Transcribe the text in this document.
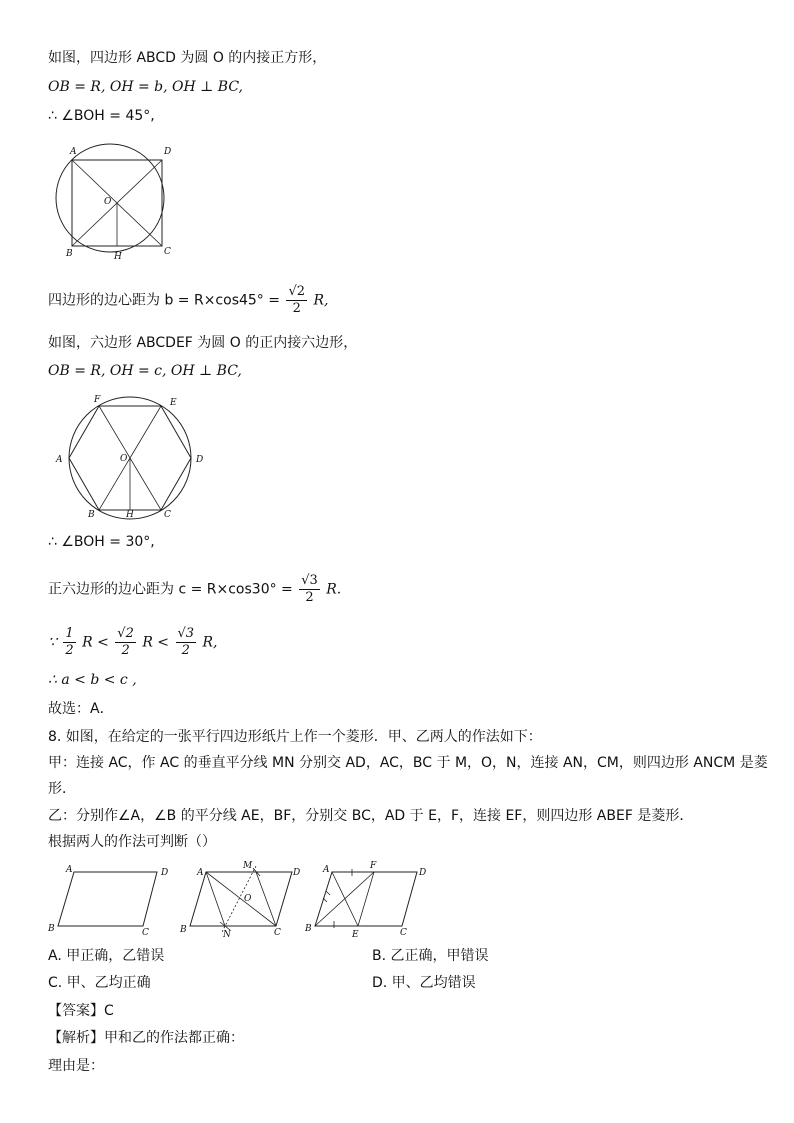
如图，四边形 ABCD 为圆 O 的内接正方形，
OB = R, OH = b, OH ⊥ BC,
∴ ∠BOH = 45°,
A	D
O
B	C
H
四边形的边心距为 $b = R\times\cos 45^\circ = \frac{√2}{2} R$,
如图，六边形 ABCDEF 为圆 O 的正内接六边形，
OB = R, OH = c, OH ⊥ BC,
F	E
A	O	D
B	H	C
∴ ∠BOH = 30°,
正六边形的边心距为 $c = R\times\cos 30^\circ = \frac{√3}{2} R$.
∵ $\frac{1}{2}$ $R < \frac{√2}{2}$ $R < \frac{√3}{2} R$,
∴ a < b < c ,
故选：A．
8. 如图，在给定的一张平行四边形纸片上作一个菱形．甲、乙两人的作法如下：
甲：连接 AC，作 AC 的垂直平分线 MN 分别交 AD，AC，BC 于 M，O，N，连接 AN，CM，则四边形 ANCM 是菱
形．
乙：分别作∠A，∠B 的平分线 AE，BF，分别交 BC，AD 于 E，F，连接 EF，则四边形 ABEF 是菱形．
根据两人的作法可判断（）
A	D
B	C
A
M
D
O
B	N	C
A	F
D
B
E	C
A. 甲正确，乙错误	B. 乙正确，甲错误
C. 甲、乙均正确	D. 甲、乙均错误
【答案】C
【解析】甲和乙的作法都正确：
理由是：
